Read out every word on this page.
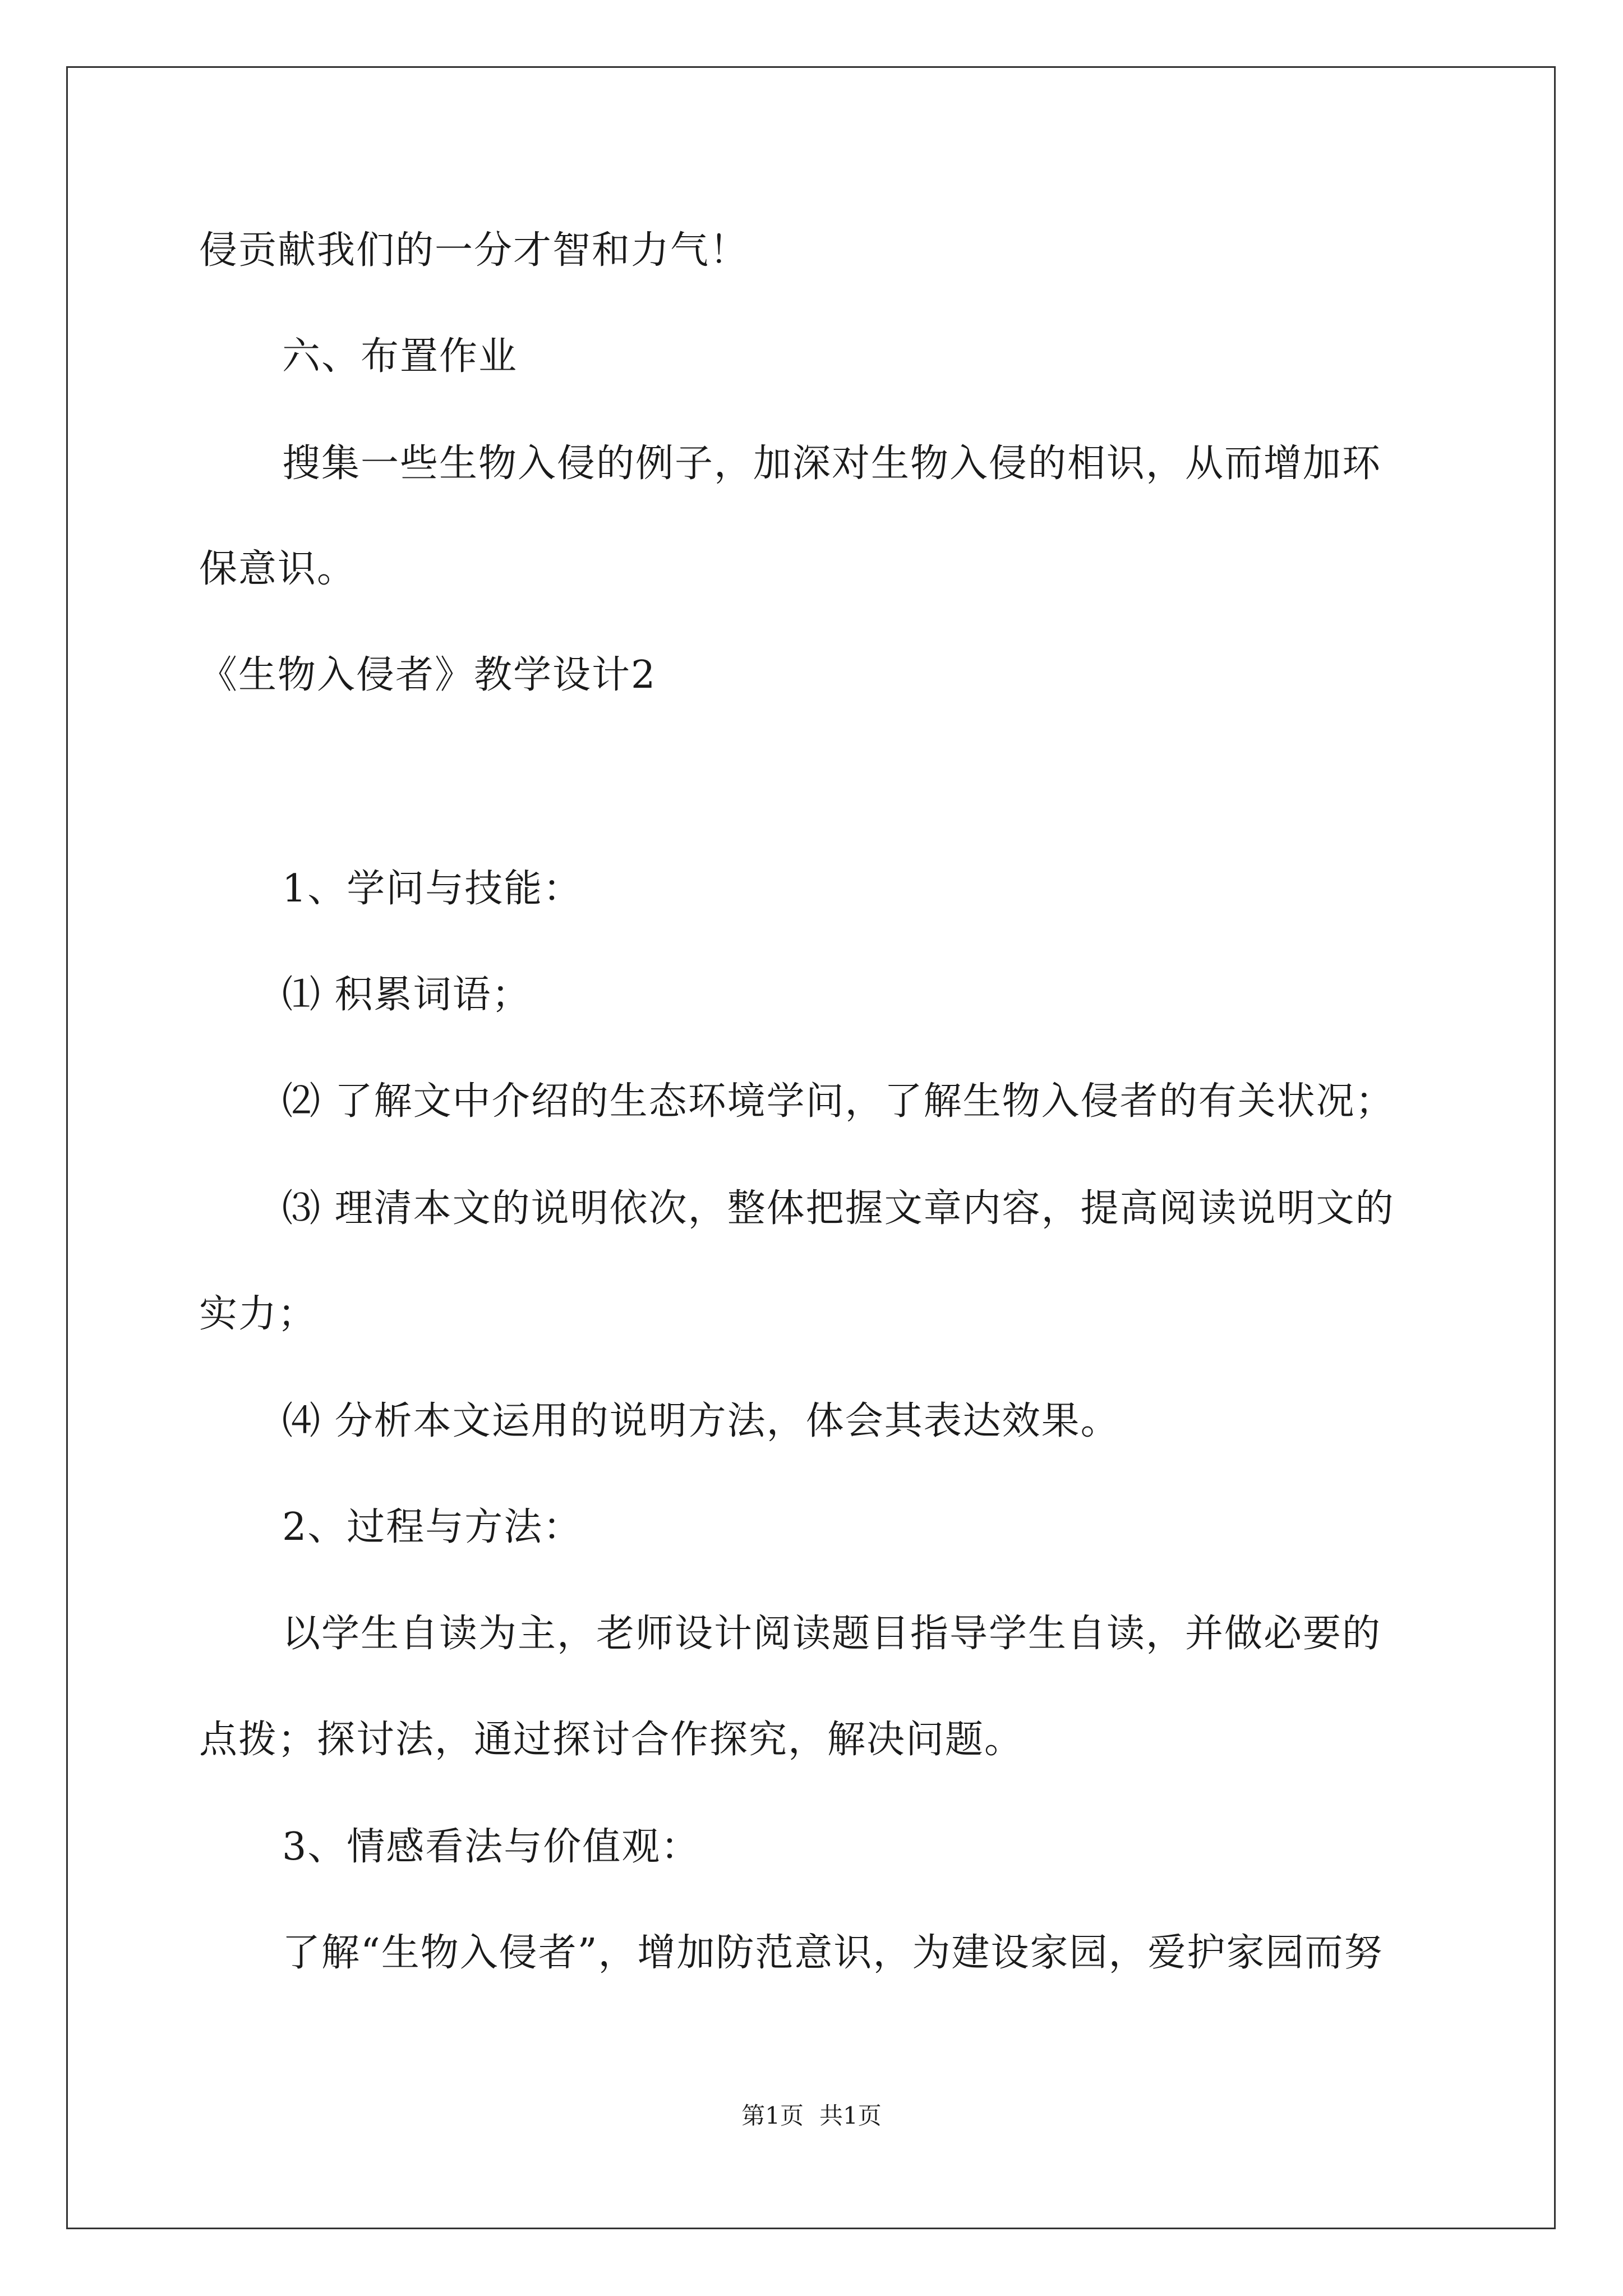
侵贡献我们的一分才智和力气！
六、布置作业
搜集一些生物入侵的例子，加深对生物入侵的相识，从而增加环
保意识。
《生物入侵者》教学设计2
1、学问与技能：
⑴ 积累词语；
⑵ 了解文中介绍的生态环境学问，了解生物入侵者的有关状况；
⑶ 理清本文的说明依次，整体把握文章内容，提高阅读说明文的
实力；
⑷ 分析本文运用的说明方法，体会其表达效果。
2、过程与方法：
以学生自读为主，老师设计阅读题目指导学生自读，并做必要的
点拨；探讨法，通过探讨合作探究，解决问题。
3、情感看法与价值观：
了解“生物入侵者”，增加防范意识，为建设家园，爱护家园而努
第1页 共1页
